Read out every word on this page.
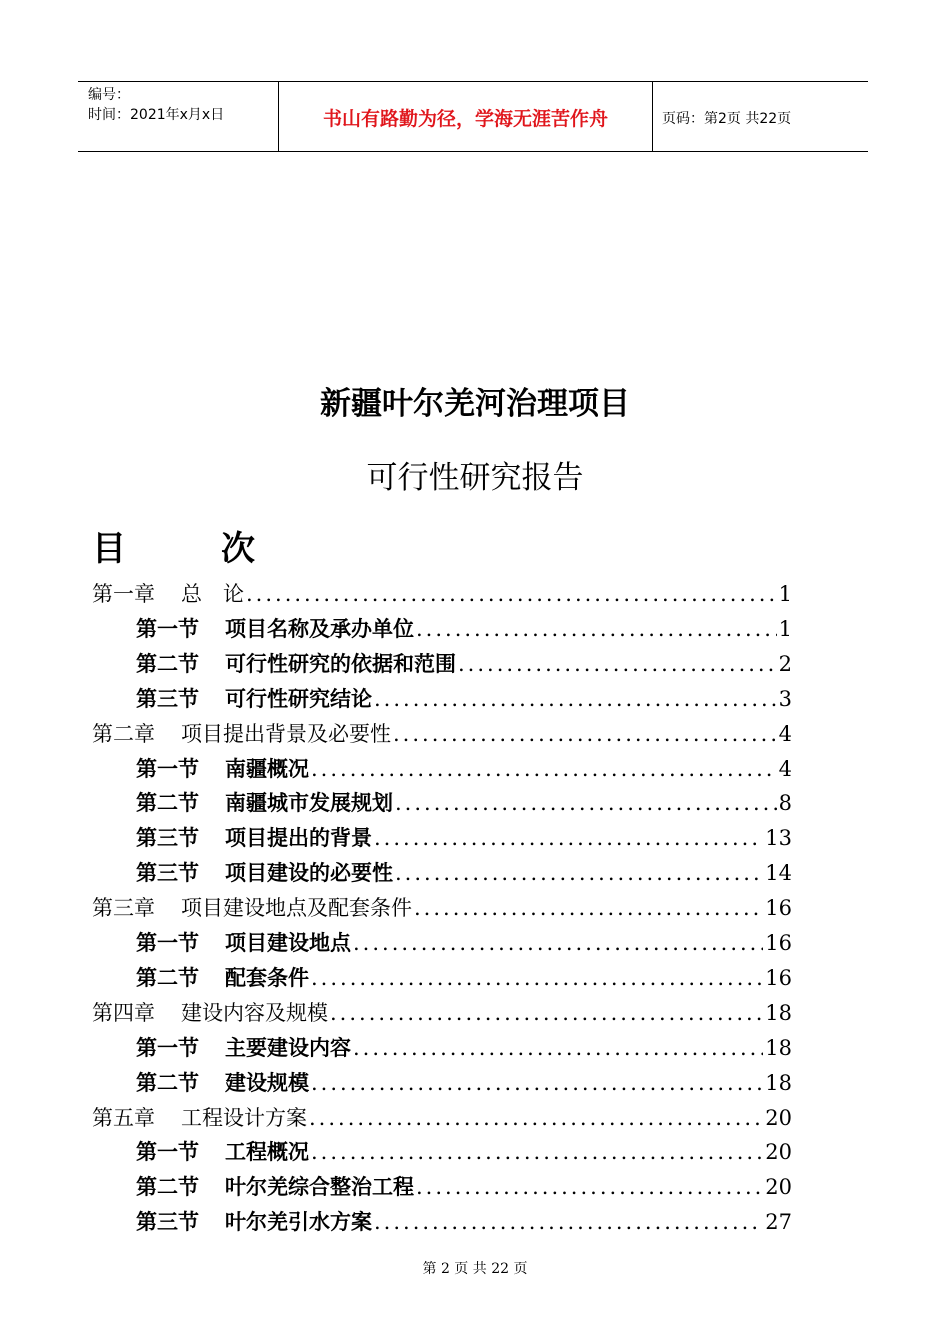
编号：
时间：2021年x月x日	书山有路勤为径，学海无涯苦作舟	页码：第2页 共22页
新疆叶尔羌河治理项目
可行性研究报告
目	次
第一章 总　论 .....	1
第一节 项目名称及承办单位 .....	1
第二节 可行性研究的依据和范围 .....	2
第三节 可行性研究结论 .....	3
第二章 项目提出背景及必要性 .....	4
第一节 南疆概况 .....	4
第二节 南疆城市发展规划 .....	8
第三节 项目提出的背景 .....	13
第三节 项目建设的必要性 .....	14
第三章 项目建设地点及配套条件 .....	16
第一节 项目建设地点 .....	16
第二节 配套条件 .....	16
第四章 建设内容及规模 .....	18
第一节 主要建设内容 .....	18
第二节 建设规模 .....	18
第五章 工程设计方案 .....	20
第一节 工程概况 .....	20
第二节 叶尔羌综合整治工程 .....	20
第三节 叶尔羌引水方案 .....	27
第 2 页 共 22 页
